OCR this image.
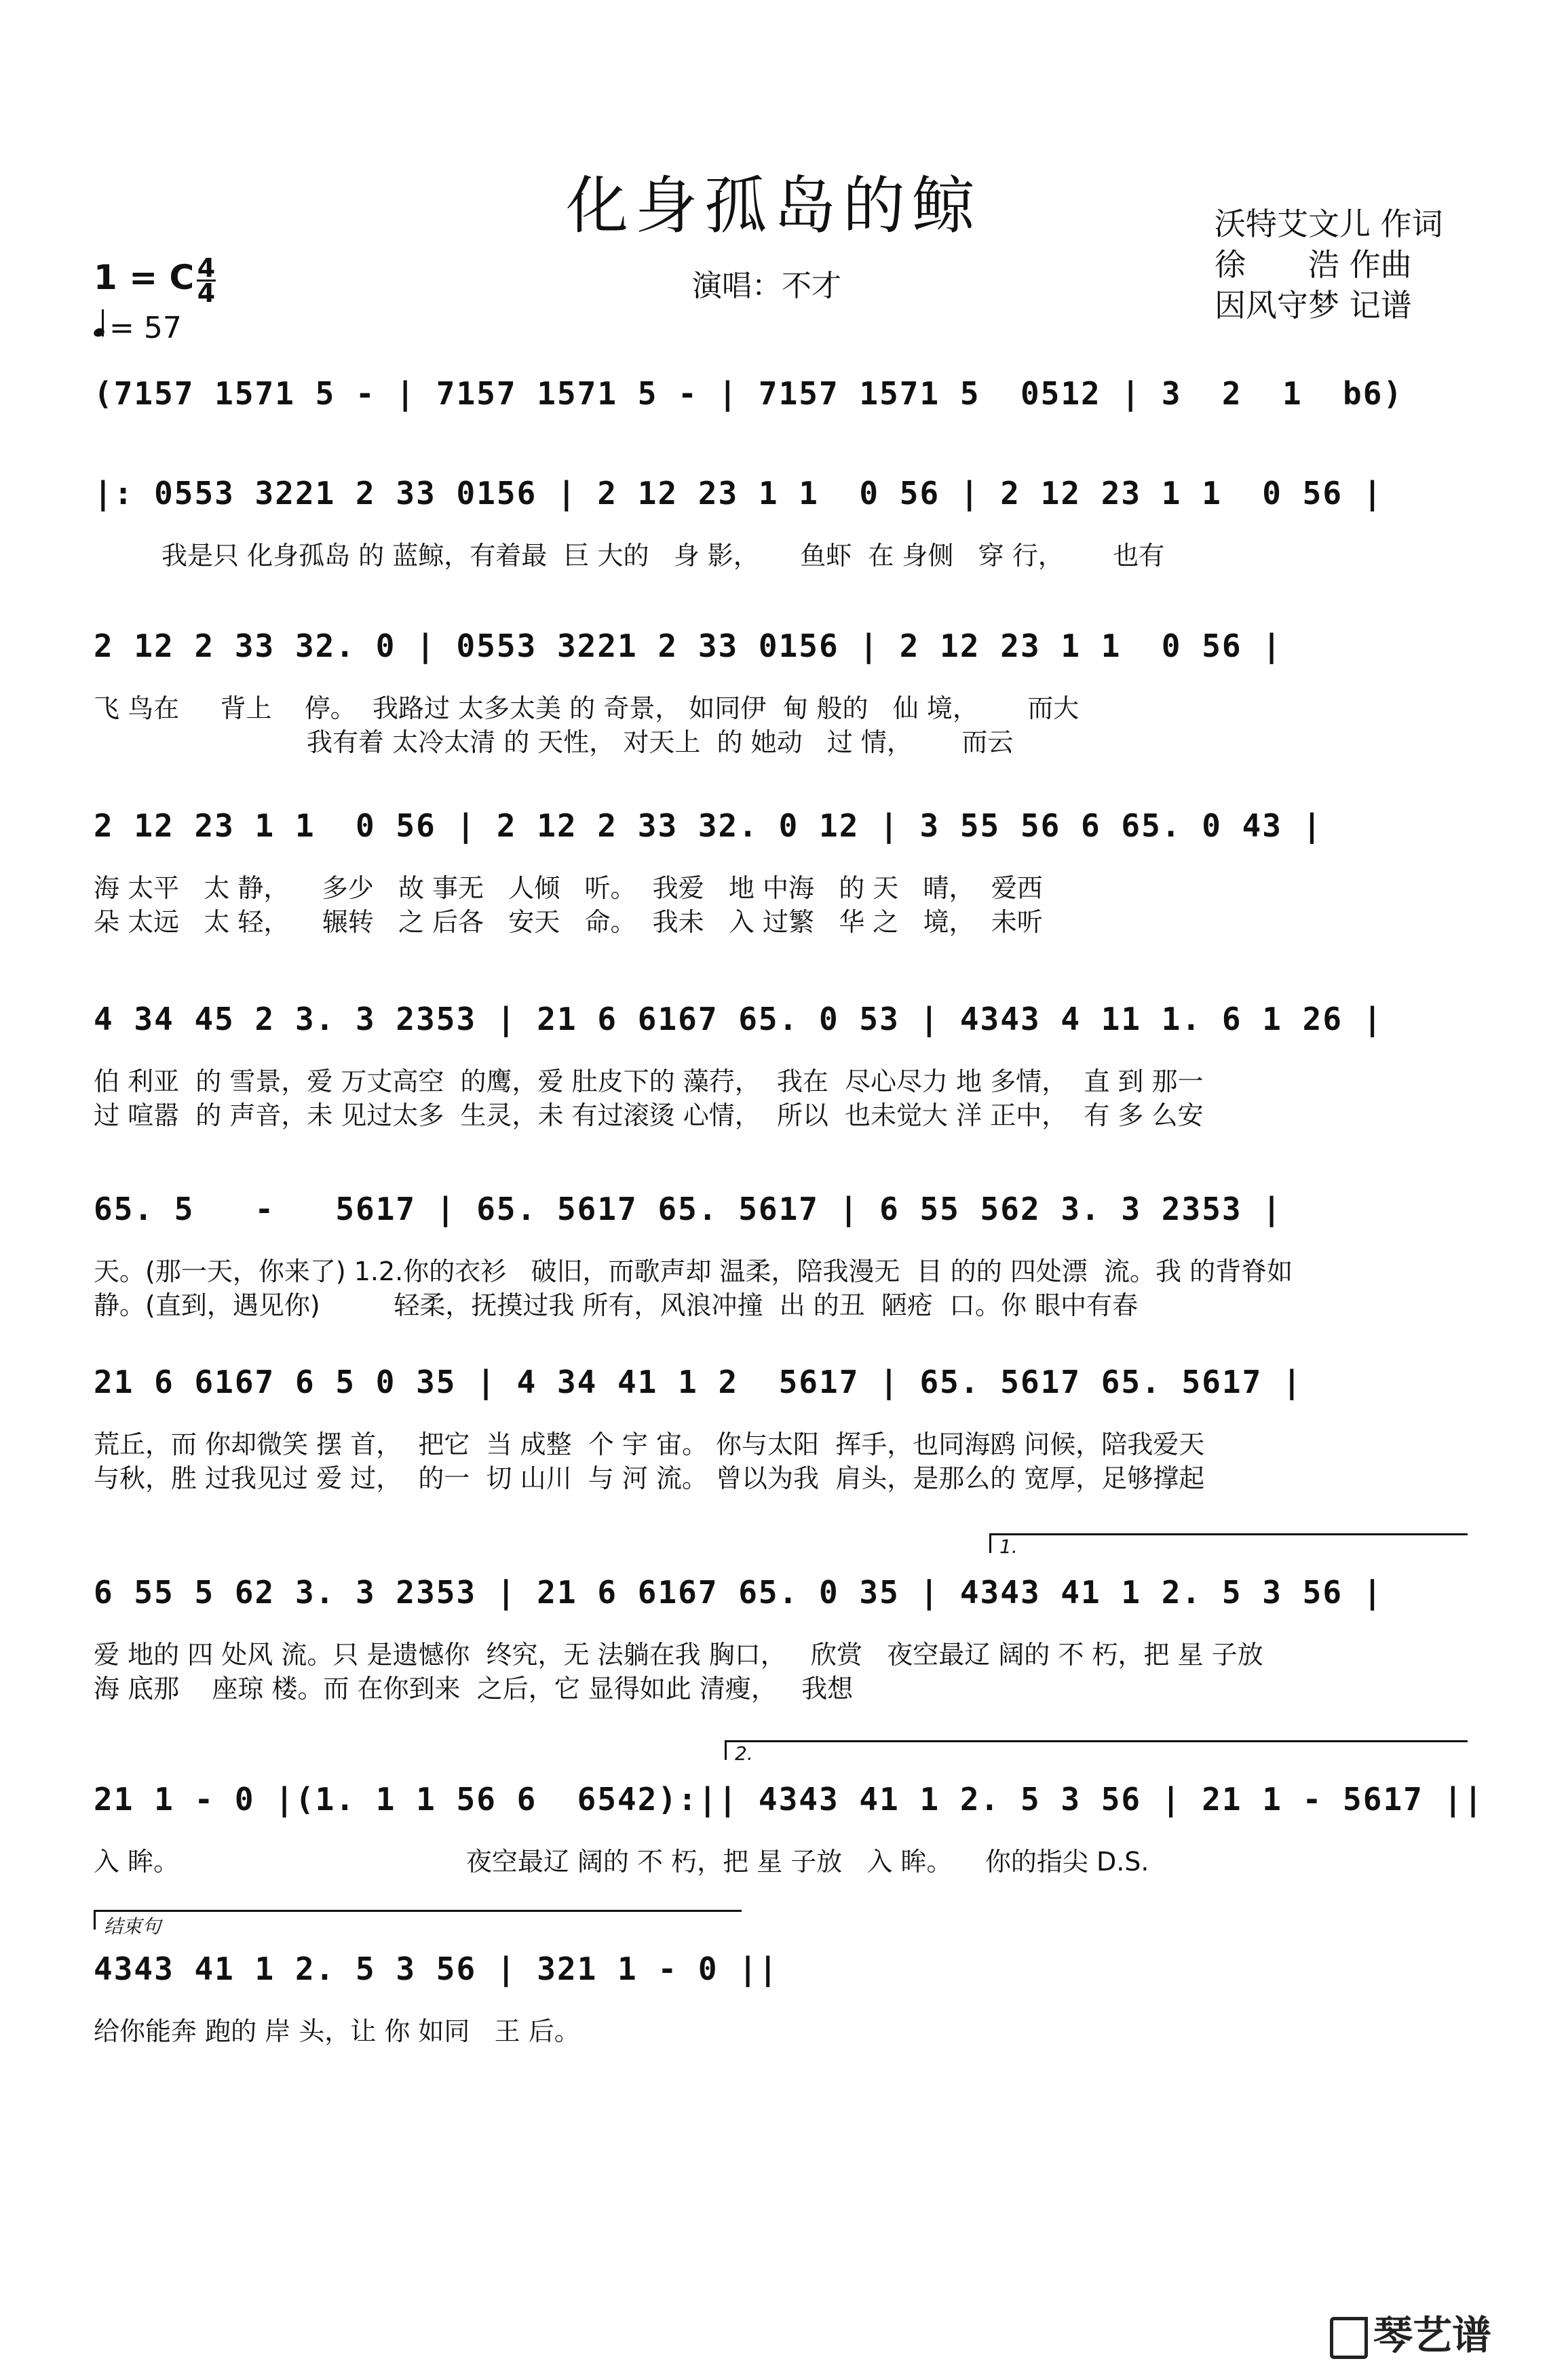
化身孤岛的鲸	沃特艾文儿 作词
徐　　浩 作曲
因风守梦 记谱
演唱：不才
1 = C 4
4
= 57
(7157 1571 5 - | 7157 1571 5 - | 7157 1571 5  0512 | 3  2  1  b6)
|: 0553 3221 2 33 0156 | 2 12 23 1 1  0 56 | 2 12 23 1 1  0 56 |
我是只 化身孤岛 的 蓝鲸，有着最  巨 大的   身 影，     鱼虾  在 身侧   穿 行，      也有
2 12 2 33 32. 0 | 0553 3221 2 33 0156 | 2 12 23 1 1  0 56 |
飞 鸟在     背上    停。  我路过 太多太美 的 奇景， 如同伊  甸 般的   仙 境，      而大
我有着 太冷太清 的 天性， 对天上  的 她动   过 情，      而云
2 12 23 1 1  0 56 | 2 12 2 33 32. 0 12 | 3 55 56 6 65. 0 43 |
海 太平   太 静，    多少   故 事无   人倾   听。  我爱   地 中海   的 天   晴，  爱西
朵 太远   太 轻，    辗转   之 后各   安天   命。  我未   入 过繁   华 之   境，  未听
4 34 45 2 3. 3 2353 | 21 6 6167 65. 0 53 | 4343 4 11 1. 6 1 26 |
伯 利亚  的 雪景，爱 万丈高空  的鹰，爱 肚皮下的 藻荇，  我在  尽心尽力 地 多情，  直 到 那一
过 喧嚣  的 声音，未 见过太多  生灵，未 有过滚烫 心情，  所以  也未觉大 洋 正中，  有 多 么安
65. 5   -   5617 | 65. 5617 65. 5617 | 6 55 562 3. 3 2353 |
天。(那一天，你来了) 1.2.你的衣衫   破旧，而歌声却 温柔，陪我漫无  目 的的 四处漂  流。我 的背脊如
静。(直到，遇见你)         轻柔，抚摸过我 所有，风浪冲撞  出 的丑  陋疮  口。你 眼中有春
21 6 6167 6 5 0 35 | 4 34 41 1 2  5617 | 65. 5617 65. 5617 |
荒丘，而 你却微笑 摆 首，  把它  当 成整  个 宇 宙。 你与太阳  挥手，也同海鸥 问候，陪我爱天
与秋，胜 过我见过 爱 过，  的一  切 山川  与 河 流。 曾以为我  肩头，是那么的 宽厚，足够撑起
1.
6 55 5 62 3. 3 2353 | 21 6 6167 65. 0 35 | 4343 41 1 2. 5 3 56 |
爱 地的 四 处风 流。只 是遗憾你  终究，无 法躺在我 胸口，   欣赏   夜空最辽 阔的 不 朽，把 星 子放
海 底那    座琼 楼。而 在你到来  之后，它 显得如此 清瘦，   我想
2.
21 1 - 0 |(1. 1 1 56 6  6542):|| 4343 41 1 2. 5 3 56 | 21 1 - 5617 ||
入 眸。                                   夜空最辽 阔的 不 朽，把 星 子放   入 眸。    你的指尖 D.S.
结束句
4343 41 1 2. 5 3 56 | 321 1 - 0 ||
给你能奔 跑的 岸 头，让 你 如同   王 后。
琴艺谱
